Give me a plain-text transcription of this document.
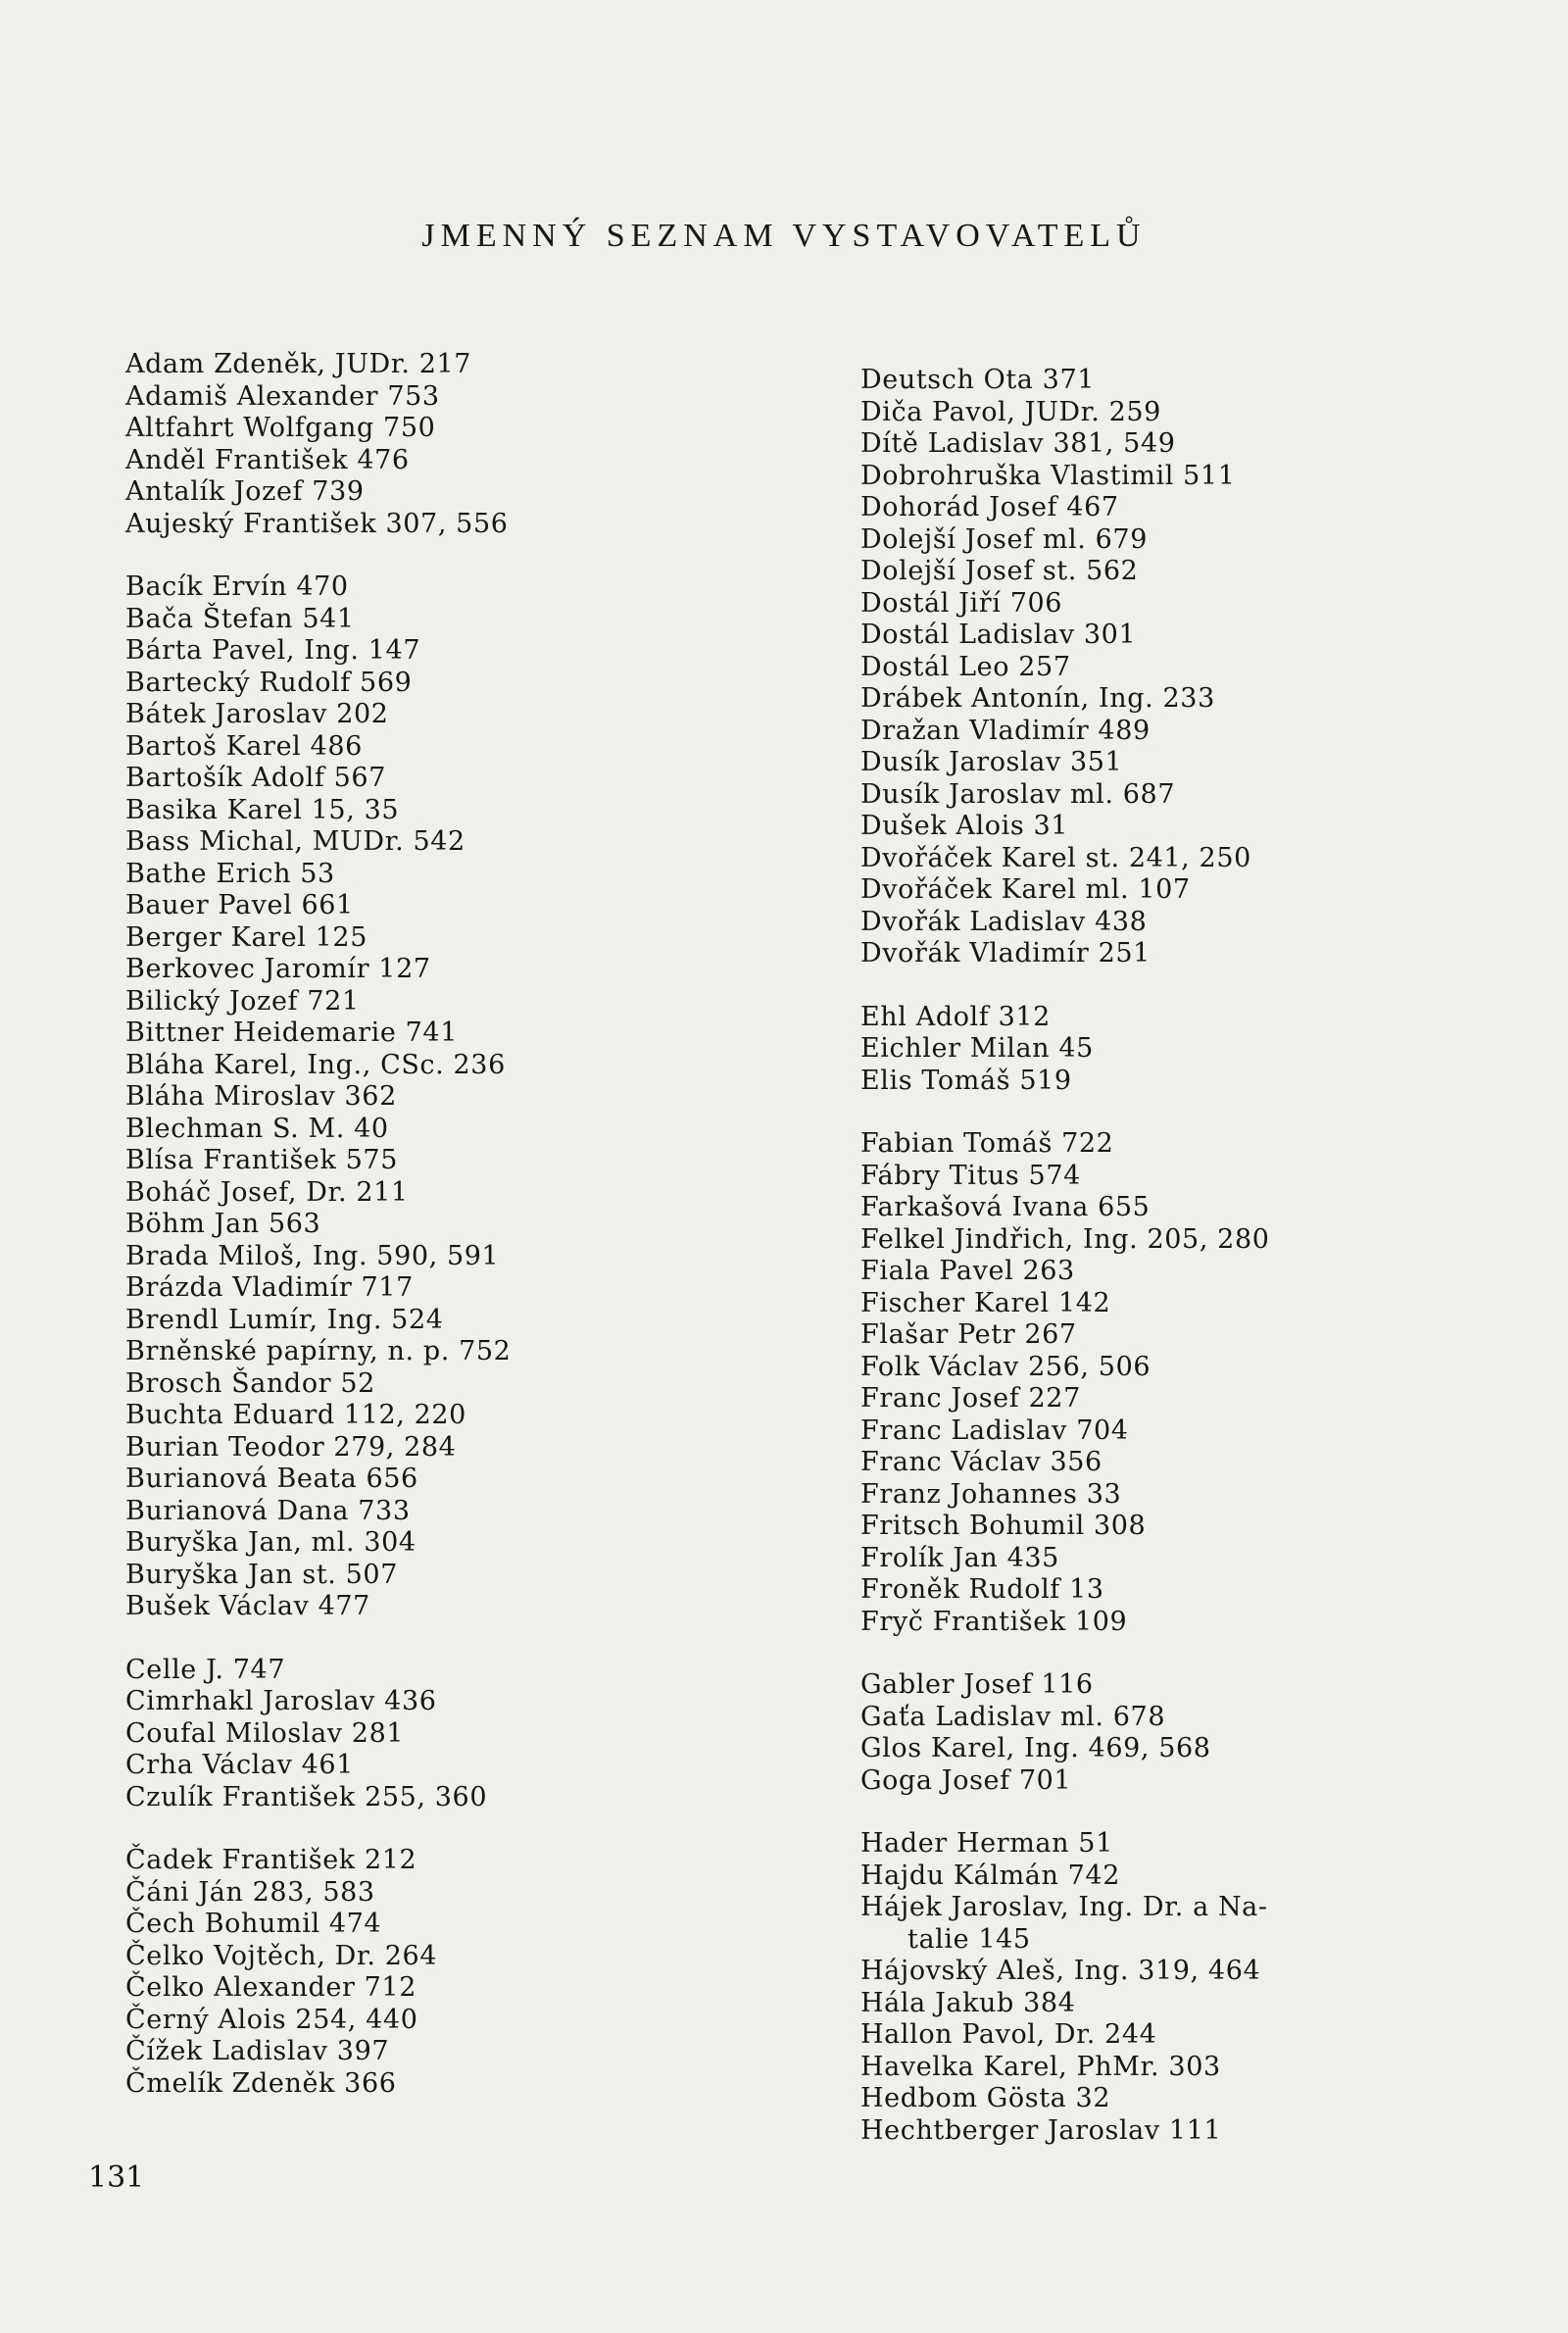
JMENNÝ SEZNAM VYSTAVOVATELŮ
Adam Zdeněk, JUDr. 217
Adamiš Alexander 753
Altfahrt Wolfgang 750
Anděl František 476
Antalík Jozef 739
Aujeský František 307, 556
Bacík Ervín 470
Bača Štefan 541
Bárta Pavel, Ing. 147
Bartecký Rudolf 569
Bátek Jaroslav 202
Bartoš Karel 486
Bartošík Adolf 567
Basika Karel 15, 35
Bass Michal, MUDr. 542
Bathe Erich 53
Bauer Pavel 661
Berger Karel 125
Berkovec Jaromír 127
Bilický Jozef 721
Bittner Heidemarie 741
Bláha Karel, Ing., CSc. 236
Bláha Miroslav 362
Blechman S. M. 40
Blísa František 575
Boháč Josef, Dr. 211
Böhm Jan 563
Brada Miloš, Ing. 590, 591
Brázda Vladimír 717
Brendl Lumír, Ing. 524
Brněnské papírny, n. p. 752
Brosch Šandor 52
Buchta Eduard 112, 220
Burian Teodor 279, 284
Burianová Beata 656
Burianová Dana 733
Buryška Jan, ml. 304
Buryška Jan st. 507
Bušek Václav 477
Celle J. 747
Cimrhakl Jaroslav 436
Coufal Miloslav 281
Crha Václav 461
Czulík František 255, 360
Čadek František 212
Čáni Ján 283, 583
Čech Bohumil 474
Čelko Vojtěch, Dr. 264
Čelko Alexander 712
Černý Alois 254, 440
Čížek Ladislav 397
Čmelík Zdeněk 366
Deutsch Ota 371
Diča Pavol, JUDr. 259
Dítě Ladislav 381, 549
Dobrohruška Vlastimil 511
Dohorád Josef 467
Dolejší Josef ml. 679
Dolejší Josef st. 562
Dostál Jiří 706
Dostál Ladislav 301
Dostál Leo 257
Drábek Antonín, Ing. 233
Dražan Vladimír 489
Dusík Jaroslav 351
Dusík Jaroslav ml. 687
Dušek Alois 31
Dvořáček Karel st. 241, 250
Dvořáček Karel ml. 107
Dvořák Ladislav 438
Dvořák Vladimír 251
Ehl Adolf 312
Eichler Milan 45
Elis Tomáš 519
Fabian Tomáš 722
Fábry Titus 574
Farkašová Ivana 655
Felkel Jindřich, Ing. 205, 280
Fiala Pavel 263
Fischer Karel 142
Flašar Petr 267
Folk Václav 256, 506
Franc Josef 227
Franc Ladislav 704
Franc Václav 356
Franz Johannes 33
Fritsch Bohumil 308
Frolík Jan 435
Froněk Rudolf 13
Fryč František 109
Gabler Josef 116
Gaťa Ladislav ml. 678
Glos Karel, Ing. 469, 568
Goga Josef 701
Hader Herman 51
Hajdu Kálmán 742
Hájek Jaroslav, Ing. Dr. a Na-
talie 145
Hájovský Aleš, Ing. 319, 464
Hála Jakub 384
Hallon Pavol, Dr. 244
Havelka Karel, PhMr. 303
Hedbom Gösta 32
Hechtberger Jaroslav 111
131
